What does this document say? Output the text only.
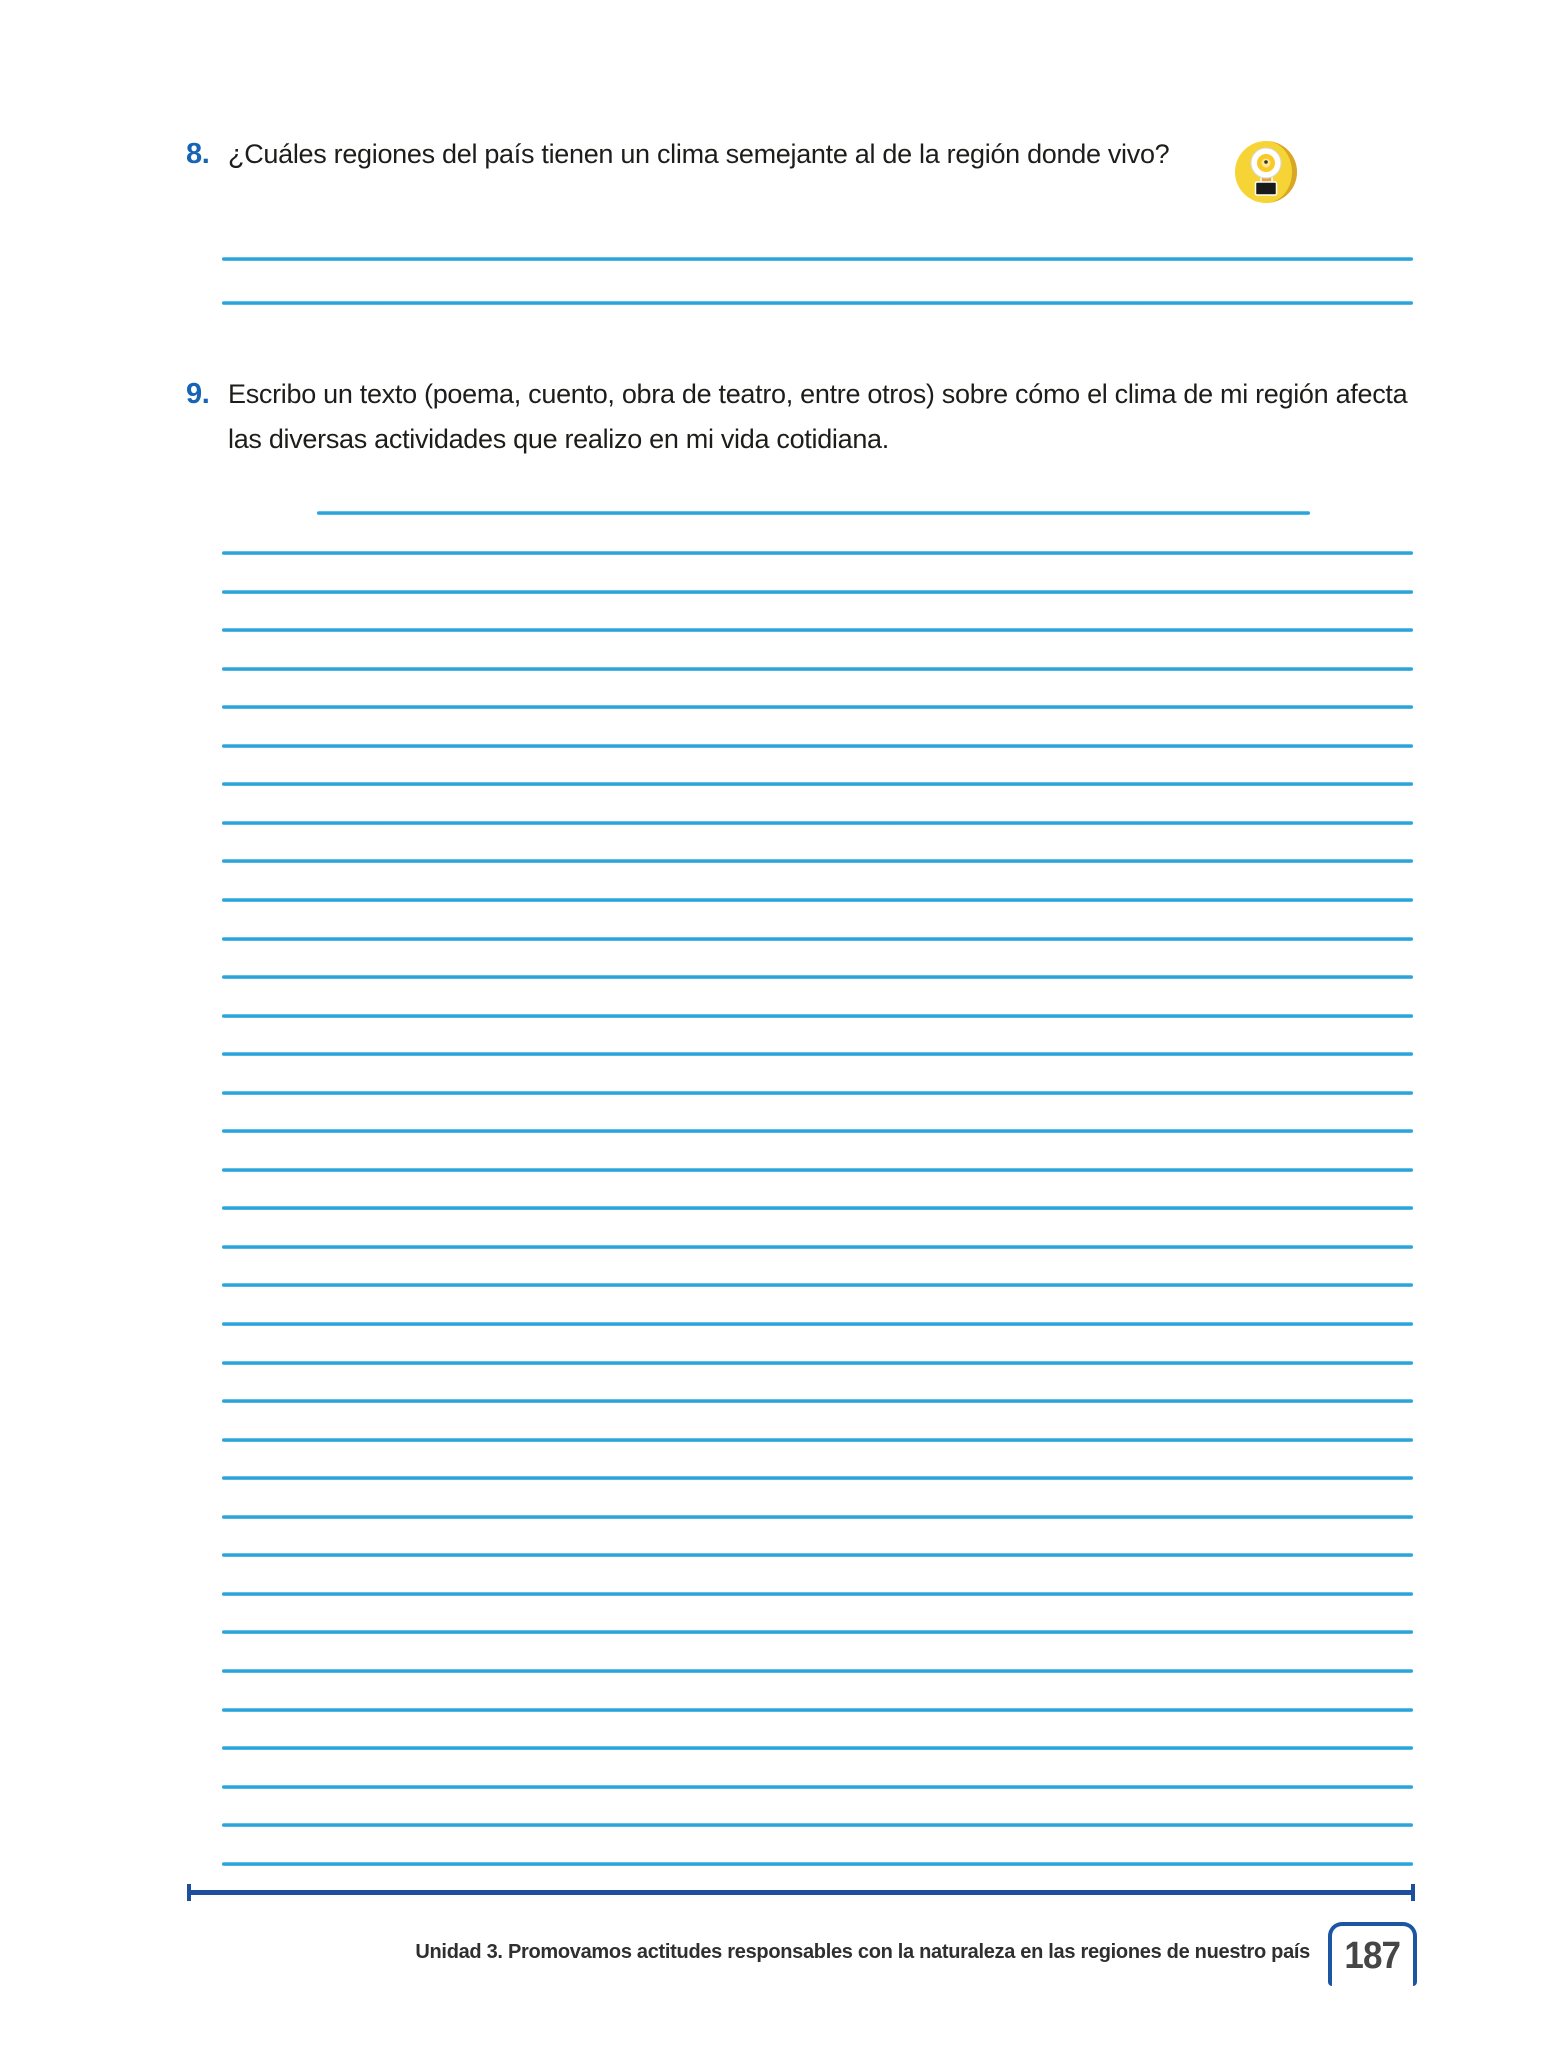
8. ¿Cuáles regiones del país tienen un clima semejante al de la región donde vivo?
9. Escribo un texto (poema, cuento, obra de teatro, entre otros) sobre cómo el clima de mi región afecta las diversas actividades que realizo en mi vida cotidiana.
Unidad 3. Promovamos actitudes responsables con la naturaleza en las regiones de nuestro país 187
